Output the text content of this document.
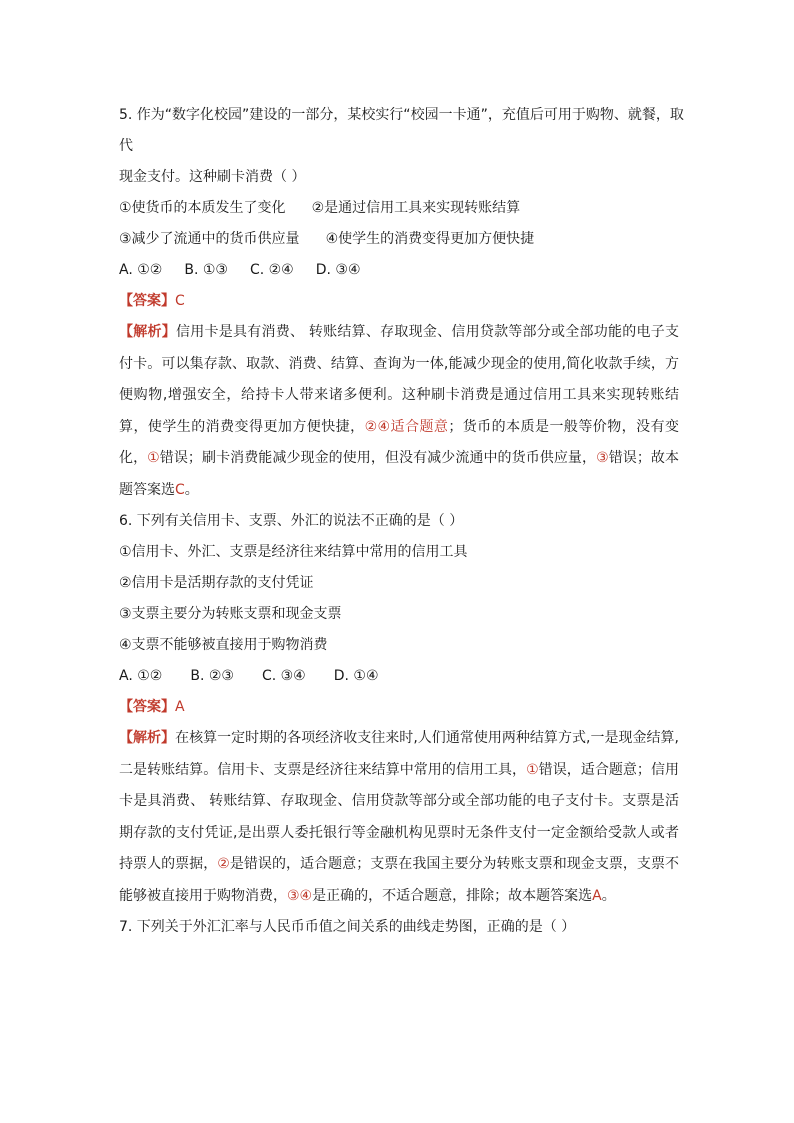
5. 作为“数字化校园”建设的一部分，某校实行“校园一卡通”，充值后可用于购物、就餐，取
代
现金支付。这种刷卡消费（ ）
①使货币的本质发生了变化 ②是通过信用工具来实现转账结算
③减少了流通中的货币供应量 ④使学生的消费变得更加方便快捷
A. ①② B. ①③ C. ②④ D. ③④
【答案】C
【解析】信用卡是具有消费、 转账结算、存取现金、信用贷款等部分或全部功能的电子支付卡。可以集存款、取款、消费、结算、查询为一体,能减少现金的使用,简化收款手续，方便购物,增强安全，给持卡人带来诸多便利。这种刷卡消费是通过信用工具来实现转账结算，使学生的消费变得更加方便快捷，②④适合题意；货币的本质是一般等价物，没有变化，①错误；刷卡消费能减少现金的使用，但没有减少流通中的货币供应量，③错误；故本题答案选C。
6. 下列有关信用卡、支票、外汇的说法不正确的是（ ）
①信用卡、外汇、支票是经济往来结算中常用的信用工具
②信用卡是活期存款的支付凭证
③支票主要分为转账支票和现金支票
④支票不能够被直接用于购物消费
A. ①② B. ②③ C. ③④ D. ①④
【答案】A
【解析】在核算一定时期的各项经济收支往来时,人们通常使用两种结算方式,一是现金结算,二是转账结算。信用卡、支票是经济往来结算中常用的信用工具，①错误，适合题意；信用卡是具消费、 转账结算、存取现金、信用贷款等部分或全部功能的电子支付卡。支票是活期存款的支付凭证,是出票人委托银行等金融机构见票时无条件支付一定金额给受款人或者持票人的票据，②是错误的，适合题意；支票在我国主要分为转账支票和现金支票，支票不能够被直接用于购物消费，③④是正确的，不适合题意，排除；故本题答案选A。
7. 下列关于外汇汇率与人民币币值之间关系的曲线走势图，正确的是（ ）
